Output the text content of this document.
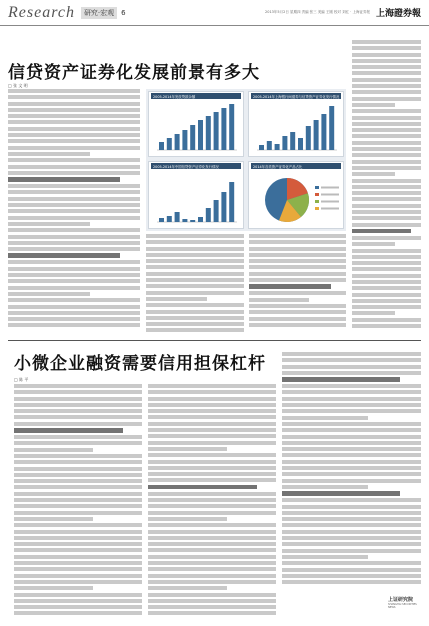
Research	研究·宏观	6	2013年5月2日 星期四 责编 张三 美编 王刚 校对 刘红 · 上海证券报 上海證券報
信贷资产证券化发展前景有多大
□ 张 文 明
2005-2014年发放贷款余额	2005-2014年上海银行间债券与信贷资产证券化发行情况
2005-2014年中国信贷资产证券化发行情况	2014年各类资产证券化产品占比
小微企业融资需要信用担保杠杆
□ 陈 平
上证研究院
SHANGHAI SECURITIES NEWS
